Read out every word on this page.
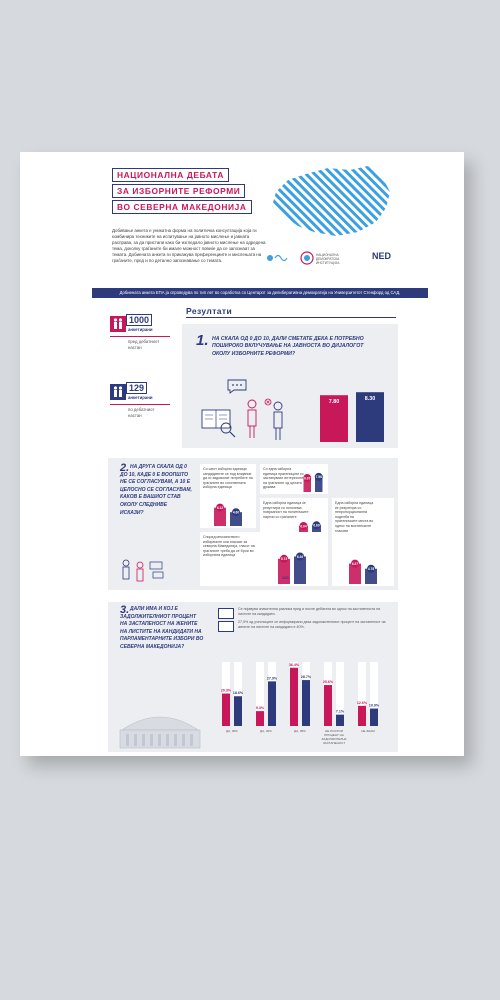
НАЦИОНАЛНА ДЕБАТА
ЗА ИЗБОРНИТЕ РЕФОРМИ
ВО СЕВЕРНА МАКЕДОНИЈА

Добивање анкета е уникатна форма на политичка консултација која ги комбинира техниките на испитување на јавното мислење и јавната расправа, за да пристапи како би изгледало јавното мислење на одредена тема, доколку граѓаните би имале можност повеќе да се запознаат за темата. Добиената анкета ги прикажува преференциите и мислењата на граѓаните, пред и по детално запознавање со темата.

НАЦИОНАЛНА ДЕМОКРАТСКА ИНСТИТУЦИЈА
NED
Добиената анкета ЕПА ја спроведува по тип лет во соработка со Центарот за делиберативна демократија на Универзитетот Стенфорд од САД.
1000
анкетирани
пред дебатниот настан
129
анкетирани
по дебатниот настан
Резултати
1. НА СКАЛА ОД 0 ДО 10, ДАЛИ СМЕТАТЕ ДЕКА Е ПОТРЕБНО ПОШИРОКО ВКЛУЧУВАЊЕ НА ЈАВНОСТА ВО ДИЈАЛОГОТ ОКОЛУ ИЗБОРНИТЕ РЕФОРМИ?
7.80	8.30
2. НА ДРУГА СКАЛА ОД 0 ДО 10, КАДЕ 0 Е ВООПШТО НЕ СЕ СОГЛАСУВАМ, А 10 Е ЦЕЛОСНО СЕ СОГЛАСУВАМ, КАКОВ Е ВАШИОТ СТАВ ОКОЛУ СЛЕДНИВЕ ИСКАЗИ?
Со шест изборни единици кандидатите се под влијание да ги задоволат потребите на граѓаните во сопствената изборна единица
6.12
4.60
Со една изборна единица пратениците ги застапуваат интересите на граѓаните од целата држава
6.97 7.56
Една изборна единица ќе резултира со поголема поврзаност на политичките партии со граѓаните
6.04 6.69
Една изборна единица ќе резултира со непропорционална поделба на пратеничките места во однос на вистинските гласови
6.37
4.78
Според мнозинството избирачите кои гласаат за северна Македонија, гласот на граѓаните треба да се брои во изборната единица
5.73
6.26
120
3. ДАЛИ ИМА И КОЈ Е ЗАДОЛЖИТЕЛНИОТ ПРОЦЕНТ НА ЗАСТАПЕНОСТ НА ЖЕНИТЕ НА ЛИСТИТЕ НА КАНДИДАТИ НА ПАРЛАМЕНТАРНИТЕ ИЗБОРИ ВО СЕВЕРНА МАКЕДОНИЈА?
Се појавува значителна разлика пред и после дебатата во однос на застапеноста на листите на кандидати.
27,9% од учесниците се информирани дека задолжителниот процент на застапеност на жените на листите на кандидати е 40%.
20.3%
18.6%
ДА, 30%
9.3%
27.9%
ДА, 40%
36.4%
28.7%
ДА, 35%
25.6%
7.1%
НЕ ПОСТОИ
ПРОЦЕНТ НА
ЗАДОЛЖИТЕЛНА
ЗАСТАПЕНОСТ
12.6%
10.9%
НЕ ЗНАМ
